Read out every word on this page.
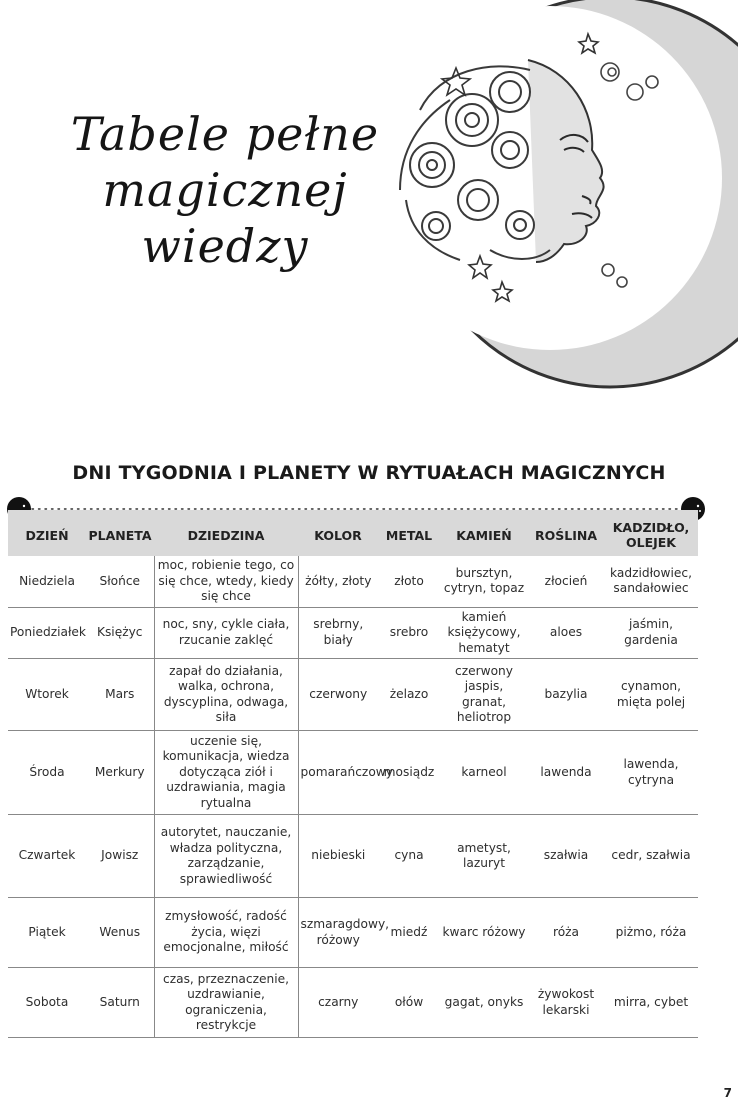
Tabele pełne
magicznej
wiedzy
DNI TYGODNIA I PLANETY W RYTUAŁACH MAGICZNYCH
DZIEŃ	PLANETA	DZIEDZINA	KOLOR	METAL	KAMIEŃ	ROŚLINA	KADZIDŁO, OLEJEK
Niedziela	Słońce	moc, robienie tego, co się chce, wtedy, kiedy się chce	żółty, złoty	złoto	bursztyn, cytryn, topaz	złocień	kadzidłowiec, sandałowiec
Poniedziałek	Księżyc	noc, sny, cykle ciała, rzucanie zaklęć	srebrny, biały	srebro	kamień księżycowy, hematyt	aloes	jaśmin, gardenia
Wtorek	Mars	zapał do działania, walka, ochrona, dyscyplina, odwaga, siła	czerwony	żelazo	czerwony jaspis, granat, heliotrop	bazylia	cynamon, mięta polej
Środa	Merkury	uczenie się, komunikacja, wiedza dotycząca ziół i uzdrawiania, magia rytualna	pomarańczowy	mosiądz	karneol	lawenda	lawenda, cytryna
Czwartek	Jowisz	autorytet, nauczanie, władza polityczna, zarządzanie, sprawiedliwość	niebieski	cyna	ametyst, lazuryt	szałwia	cedr, szałwia
Piątek	Wenus	zmysłowość, radość życia, więzi emocjonalne, miłość	szmaragdowy, różowy	miedź	kwarc różowy	róża	piżmo, róża
Sobota	Saturn	czas, przeznaczenie, uzdrawianie, ograniczenia, restrykcje	czarny	ołów	gagat, onyks	żywokost lekarski	mirra, cybet
7
